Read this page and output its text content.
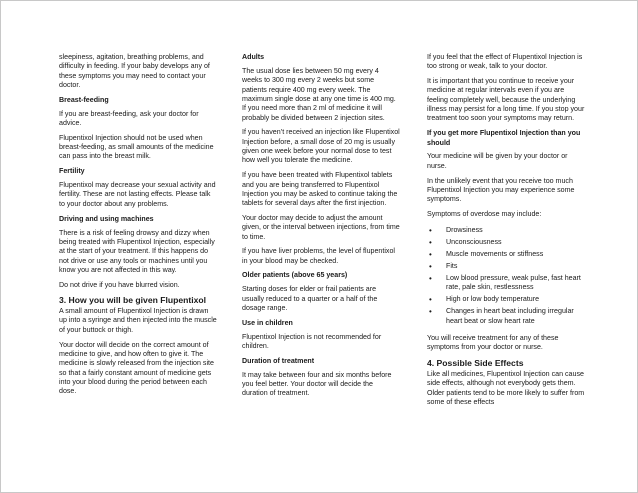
sleepiness, agitation, breathing problems, and difficulty in feeding. If your baby develops any of these symptoms you may need to contact your doctor.

Breast-feeding

If you are breast-feeding, ask your doctor for advice.

Flupentixol Injection should not be used when breast-feeding, as small amounts of the medicine can pass into the breast milk.

Fertility

Flupentixol may decrease your sexual activity and fertility. These are not lasting effects. Please talk to your doctor about any problems.

Driving and using machines

There is a risk of feeling drowsy and dizzy when being treated with Flupentixol Injection, especially at the start of your treatment. If this happens do not drive or use any tools or machines until you know you are not affected in this way.

Do not drive if you have blurred vision.

3. How you will be given Flupentixol

A small amount of Flupentixol Injection is drawn up into a syringe and then injected into the muscle of your buttock or thigh.

Your doctor will decide on the correct amount of medicine to give, and how often to give it. The medicine is slowly released from the injection site so that a fairly constant amount of medicine gets into your blood during the period between each dose.

Adults

The usual dose lies between 50 mg every 4 weeks to 300 mg every 2 weeks but some patients require 400 mg every week. The maximum single dose at any one time is 400 mg. If you need more than 2 ml of medicine it will probably be divided between 2 injection sites.

If you haven’t received an injection like Flupentixol Injection before, a small dose of 20 mg is usually given one week before your normal dose to test how well you tolerate the medicine.

If you have been treated with Flupentixol tablets and you are being transferred to Flupentixol Injection you may be asked to continue taking the tablets for several days after the first injection.

Your doctor may decide to adjust the amount given, or the interval between injections, from time to time.

If you have liver problems, the level of flupentixol in your blood may be checked.

Older patients (above 65 years)

Starting doses for elder or frail patients are usually reduced to a quarter or a half of the dosage range.

Use in children

Flupentixol Injection is not recommended for children.

Duration of treatment

It may take between four and six months before you feel better. Your doctor will decide the duration of treatment.

If you feel that the effect of Flupentixol Injection is too strong or weak, talk to your doctor.

It is important that you continue to receive your medicine at regular intervals even if you are feeling completely well, because the underlying illness may persist for a long time. If you stop your treatment too soon your symptoms may return.

If you get more Flupentixol Injection than you should

Your medicine will be given by your doctor or nurse.

In the unlikely event that you receive too much Flupentixol Injection you may experience some symptoms.

Symptoms of overdose may include:

• Drowsiness
• Unconsciousness
• Muscle movements or stiffness
• Fits
• Low blood pressure, weak pulse, fast heart rate, pale skin, restlessness
• High or low body temperature
• Changes in heart beat including irregular heart beat or slow heart rate

You will receive treatment for any of these symptoms from your doctor or nurse.

4. Possible Side Effects

Like all medicines, Flupentixol Injection can cause side effects, although not everybody gets them. Older patients tend to be more likely to suffer from some of these effects
